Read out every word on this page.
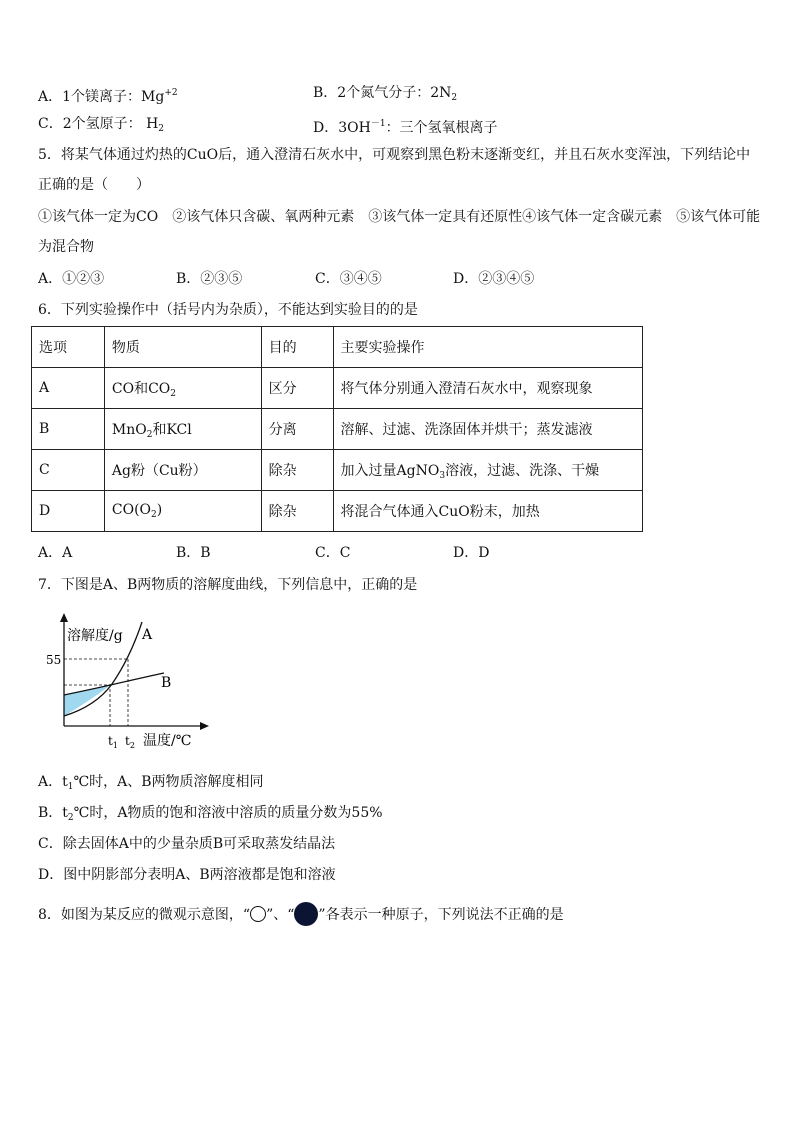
A．1个镁离子：$Mg^{+2}$	B．2个氮气分子：$2N_2$
C．2个氢原子： $H_2$	D．$3OH^{-1}$：三个氢氧根离子
5．将某气体通过灼热的CuO后，通入澄清石灰水中，可观察到黑色粉末逐渐变红，并且石灰水变浑浊，下列结论中
正确的是（　　）
①该气体一定为CO　②该气体只含碳、氧两种元素　③该气体一定具有还原性④该气体一定含碳元素　⑤该气体可能
为混合物
A．①②③	B．②③⑤	C．③④⑤	D．②③④⑤
6．下列实验操作中（括号内为杂质），不能达到实验目的的是
选项	物质	目的	主要实验操作
A	CO和$CO_2$	区分	将气体分别通入澄清石灰水中，观察现象
B	MnO$_2$和KCl	分离	溶解、过滤、洗涤固体并烘干；蒸发滤液
C	Ag粉（Cu粉）	除杂	加入过量AgNO$_3$溶液，过滤、洗涤、干燥
D	$CO(O_2)$	除杂	将混合气体通入CuO粉末，加热
A．A	B．B	C．C	D．D
7．下图是A、B两物质的溶解度曲线，下列信息中，正确的是
溶解度/g A
B
55
$t_1$ $t_2$ 温度/℃
A．$t_1℃$时，A、B两物质溶解度相同
B．$t_2℃$时，A物质的饱和溶液中溶质的质量分数为55%
C．除去固体A中的少量杂质B可采取蒸发结晶法
D．图中阴影部分表明A、B两溶液都是饱和溶液
8．如图为某反应的微观示意图，“ ”、“ ”各表示一种原子，下列说法不正确的是
